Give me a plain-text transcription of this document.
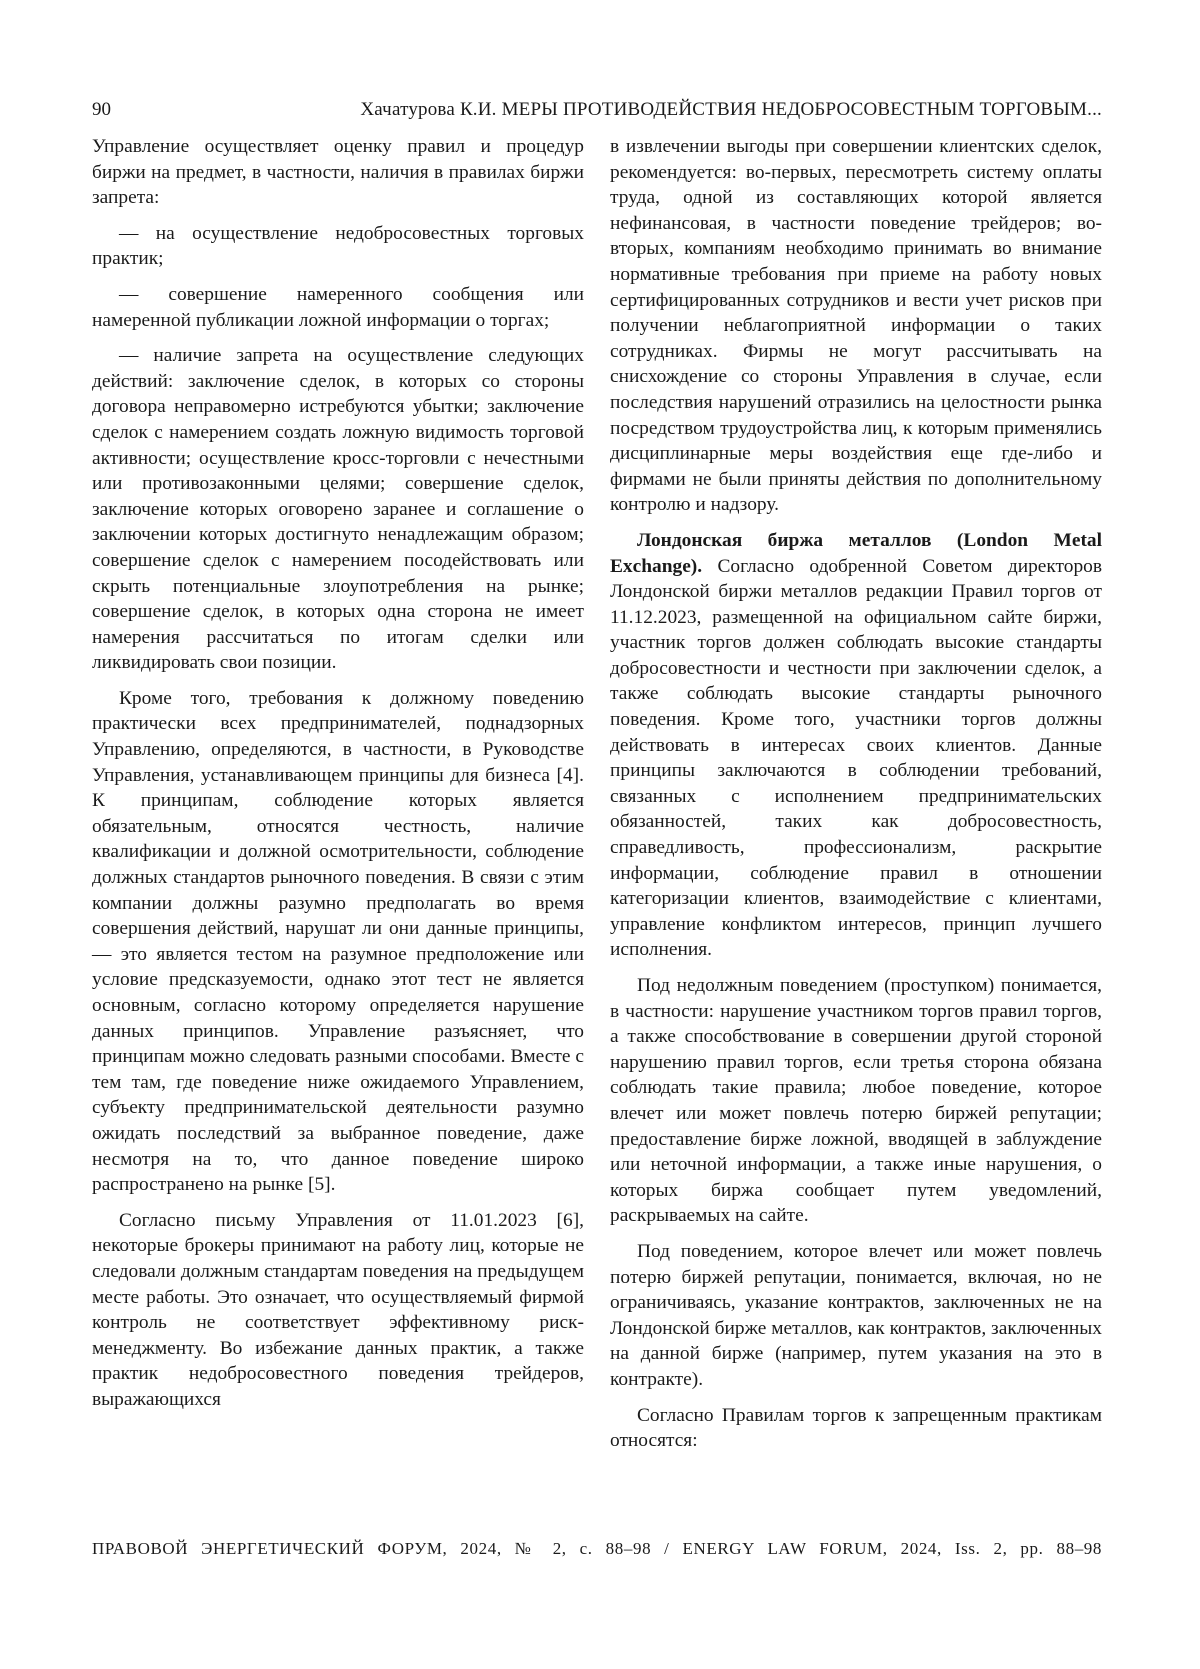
90	Хачатурова К.И. МЕРЫ ПРОТИВОДЕЙСТВИЯ НЕДОБРОСОВЕСТНЫМ ТОРГОВЫМ...

Управление осуществляет оценку правил и процедур биржи на предмет, в частности, наличия в правилах биржи запрета:

— на осуществление недобросовестных торговых практик;

— совершение намеренного сообщения или намеренной публикации ложной информации о торгах;

— наличие запрета на осуществление следующих действий: заключение сделок, в которых со стороны договора неправомерно истребуются убытки; заключение сделок с намерением создать ложную видимость торговой активности; осуществление кросс-торговли с нечестными или противозаконными целями; совершение сделок, заключение которых оговорено заранее и соглашение о заключении которых достигнуто ненадлежащим образом; совершение сделок с намерением посодействовать или скрыть потенциальные злоупотребления на рынке; совершение сделок, в которых одна сторона не имеет намерения рассчитаться по итогам сделки или ликвидировать свои позиции.

Кроме того, требования к должному поведению практически всех предпринимателей, поднадзорных Управлению, определяются, в частности, в Руководстве Управления, устанавливающем принципы для бизнеса [4]. К принципам, соблюдение которых является обязательным, относятся честность, наличие квалификации и должной осмотрительности, соблюдение должных стандартов рыночного поведения. В связи с этим компании должны разумно предполагать во время совершения действий, нарушат ли они данные принципы, — это является тестом на разумное предположение или условие предсказуемости, однако этот тест не является основным, согласно которому определяется нарушение данных принципов. Управление разъясняет, что принципам можно следовать разными способами. Вместе с тем там, где поведение ниже ожидаемого Управлением, субъекту предпринимательской деятельности разумно ожидать последствий за выбранное поведение, даже несмотря на то, что данное поведение широко распространено на рынке [5].

Согласно письму Управления от 11.01.2023 [6], некоторые брокеры принимают на работу лиц, которые не следовали должным стандартам поведения на предыдущем месте работы. Это означает, что осуществляемый фирмой контроль не соответствует эффективному риск-менеджменту. Во избежание данных практик, а также практик недобросовестного поведения трейдеров, выражающихся

в извлечении выгоды при совершении клиентских сделок, рекомендуется: во-первых, пересмотреть систему оплаты труда, одной из составляющих которой является нефинансовая, в частности поведение трейдеров; во-вторых, компаниям необходимо принимать во внимание нормативные требования при приеме на работу новых сертифицированных сотрудников и вести учет рисков при получении неблагоприятной информации о таких сотрудниках. Фирмы не могут рассчитывать на снисхождение со стороны Управления в случае, если последствия нарушений отразились на целостности рынка посредством трудоустройства лиц, к которым применялись дисциплинарные меры воздействия еще где-либо и фирмами не были приняты действия по дополнительному контролю и надзору.

Лондонская биржа металлов (London Metal Exchange). Согласно одобренной Советом директоров Лондонской биржи металлов редакции Правил торгов от 11.12.2023, размещенной на официальном сайте биржи, участник торгов должен соблюдать высокие стандарты добросовестности и честности при заключении сделок, а также соблюдать высокие стандарты рыночного поведения. Кроме того, участники торгов должны действовать в интересах своих клиентов. Данные принципы заключаются в соблюдении требований, связанных с исполнением предпринимательских обязанностей, таких как добросовестность, справедливость, профессионализм, раскрытие информации, соблюдение правил в отношении категоризации клиентов, взаимодействие с клиентами, управление конфликтом интересов, принцип лучшего исполнения.

Под недолжным поведением (проступком) понимается, в частности: нарушение участником торгов правил торгов, а также способствование в совершении другой стороной нарушению правил торгов, если третья сторона обязана соблюдать такие правила; любое поведение, которое влечет или может повлечь потерю биржей репутации; предоставление бирже ложной, вводящей в заблуждение или неточной информации, а также иные нарушения, о которых биржа сообщает путем уведомлений, раскрываемых на сайте.

Под поведением, которое влечет или может повлечь потерю биржей репутации, понимается, включая, но не ограничиваясь, указание контрактов, заключенных не на Лондонской бирже металлов, как контрактов, заключенных на данной бирже (например, путем указания на это в контракте).

Согласно Правилам торгов к запрещенным практикам относятся:

ПРАВОВОЙ ЭНЕРГЕТИЧЕСКИЙ ФОРУМ, 2024, № 2, с. 88–98 / ENERGY LAW FORUM, 2024, Iss. 2, pp. 88–98
